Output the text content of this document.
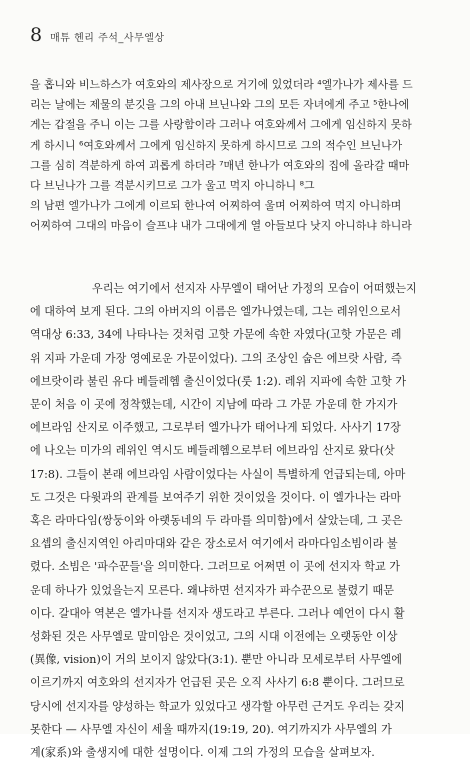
8 매튜 헨리 주석_사무엘상
을 홉니와 비느하스가 여호와의 제사장으로 거기에 있었더라 ⁴엘가나가 제사를 드
리는 날에는 제물의 분깃을 그의 아내 브닌나와 그의 모든 자녀에게 주고 ⁵한나에
게는 갑절을 주니 이는 그를 사랑함이라 그러나 여호와께서 그에게 임신하지 못하
게 하시니 ⁶여호와께서 그에게 임신하지 못하게 하시므로 그의 적수인 브닌나가
그를 심히 격분하게 하여 괴롭게 하더라 ⁷매년 한나가 여호와의 집에 올라갈 때마
다 브닌나가 그를 격분시키므로 그가 울고 먹지 아니하니 ⁸그
의 남편 엘가나가 그에게 이르되 한나여 어찌하여 울며 어찌하여 먹지 아니하며
어찌하여 그대의 마음이 슬프냐 내가 그대에게 열 아들보다 낫지 아니하냐 하니라
우리는 여기에서 선지자 사무엘이 태어난 가정의 모습이 어떠했는지
에 대하여 보게 된다. 그의 아버지의 이름은 엘가나였는데, 그는 레위인으로서
역대상 6:33, 34에 나타나는 것처럼 고핫 가문에 속한 자였다(고핫 가문은 레
위 지파 가운데 가장 영예로운 가문이었다). 그의 조상인 숩은 에브랏 사람, 즉
에브랏이라 불린 유다 베들레헴 출신이었다(룻 1:2). 레위 지파에 속한 고핫 가
문이 처음 이 곳에 정착했는데, 시간이 지남에 따라 그 가문 가운데 한 가지가
에브라임 산지로 이주했고, 그로부터 엘가나가 태어나게 되었다. 사사기 17장
에 나오는 미가의 레위인 역시도 베들레헴으로부터 에브라임 산지로 왔다(삿
17:8). 그들이 본래 에브라임 사람이었다는 사실이 특별하게 언급되는데, 아마
도 그것은 다윗과의 관계를 보여주기 위한 것이었을 것이다. 이 엘가나는 라마
혹은 라마다임(쌍둥이와 아랫동네의 두 라마를 의미함)에서 살았는데, 그 곳은
요셉의 출신지역인 아리마대와 같은 장소로서 여기에서 라마다임소빔이라 불
렸다. 소빔은 '파수꾼들'을 의미한다. 그러므로 어쩌면 이 곳에 선지자 학교 가
운데 하나가 있었을는지 모른다. 왜냐하면 선지자가 파수꾼으로 불렸기 때문
이다. 갈대아 역본은 엘가나를 선지자 생도라고 부른다. 그러나 예언이 다시 활
성화된 것은 사무엘로 말미암은 것이었고, 그의 시대 이전에는 오랫동안 이상
(異像, vision)이 거의 보이지 않았다(3:1). 뿐만 아니라 모세로부터 사무엘에
이르기까지 여호와의 선지자가 언급된 곳은 오직 사사기 6:8 뿐이다. 그러므로
당시에 선지자를 양성하는 학교가 있었다고 생각할 아무런 근거도 우리는 갖지
못한다 — 사무엘 자신이 세울 때까지(19:19, 20). 여기까지가 사무엘의 가
계(家系)와 출생지에 대한 설명이다. 이제 그의 가정의 모습을 살펴보자.
